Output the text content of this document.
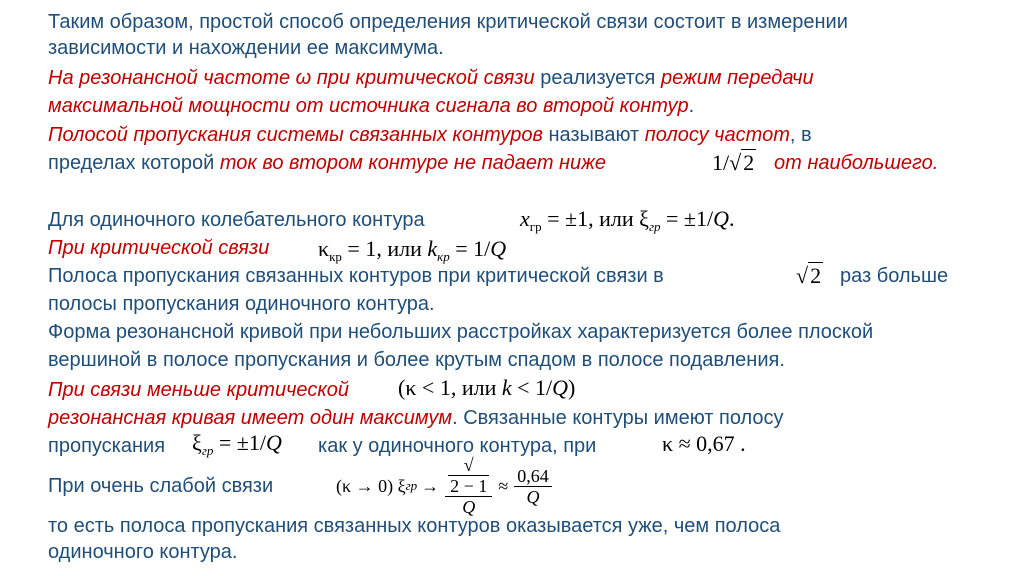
Таким образом, простой способ определения критической связи состоит в измерении
зависимости и нахождении ее максимума.
На резонансной частоте ω при критической связи реализуется режим передачи
максимальной мощности от источника сигнала во второй контур.
Полосой пропускания системы связанных контуров называют полосу частот, в
пределах которой ток во втором контуре не падает ниже	1/√2 от наибольшего.
Для одиночного колебательного контура	$x_{гр} = \pm 1$, или $\xi_{гр} = \pm 1/Q$.
При критической связи $\kappa_{кр} = 1$, или $k_{кр} = 1/Q$
Полоса пропускания связанных контуров при критической связи в	√2 раз больше
полосы пропускания одиночного контура.
Форма резонансной кривой при небольших расстройках характеризуется более плоской
вершиной в полосе пропускания и более крутым спадом в полосе подавления.
При связи меньше критической (κ < 1, или k < 1/Q)
резонансная кривая имеет один максимум. Связанные контуры имеют полосу
пропускания $\xi_{гр} = \pm 1/Q$ как у одиночного контура, при	κ ≈ 0,67 .
При очень слабой связи	(κ → 0)
ξ гр → √
2 − 1
$Q \approx \frac{0,64}{Q}$
то есть полоса пропускания связанных контуров оказывается уже, чем полоса
одиночного контура.
